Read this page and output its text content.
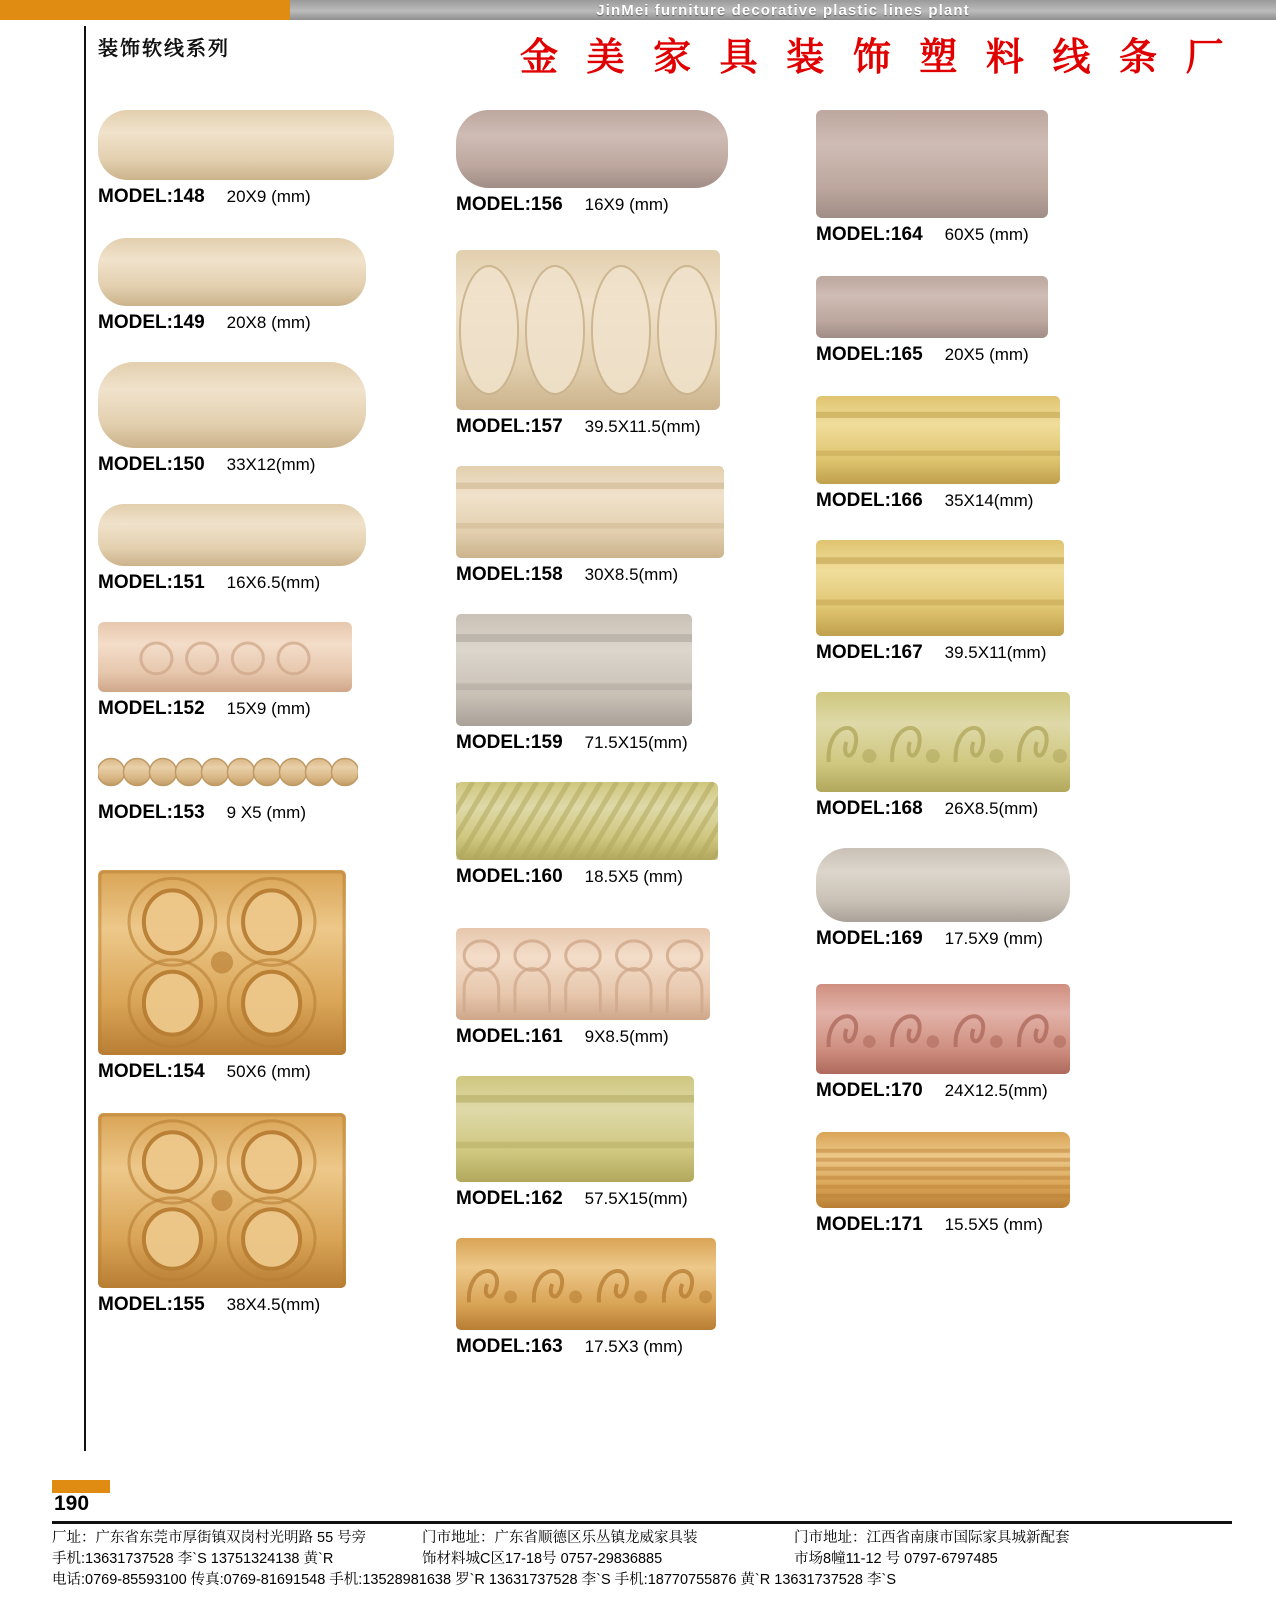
JinMei furniture decorative plastic lines plant
装饰软线系列	金 美 家 具 装 饰 塑 料 线 条 厂
MODEL:148 20X9 (mm)
MODEL:149 20X8 (mm)
MODEL:150 33X12(mm)
MODEL:151 16X6.5(mm)
MODEL:152 15X9 (mm)
MODEL:153 9 X5 (mm)
MODEL:154 50X6 (mm)
MODEL:155 38X4.5(mm)
MODEL:156 16X9 (mm)
MODEL:157 39.5X11.5(mm)
MODEL:158 30X8.5(mm)
MODEL:159 71.5X15(mm)
MODEL:160 18.5X5 (mm)
MODEL:161 9X8.5(mm)
MODEL:162 57.5X15(mm)
MODEL:163 17.5X3 (mm)
MODEL:164 60X5 (mm)
MODEL:165 20X5 (mm)
MODEL:166 35X14(mm)
MODEL:167 39.5X11(mm)
MODEL:168 26X8.5(mm)
MODEL:169 17.5X9 (mm)
MODEL:170 24X12.5(mm)
MODEL:171 15.5X5 (mm)
190
厂址：广东省东莞市厚街镇双岗村光明路 55 号旁	门市地址：广东省顺德区乐丛镇龙威家具装	门市地址：江西省南康市国际家具城新配套
手机:13631737528 李`S 13751324138 黄`R	饰材料城C区17-18号 0757-29836885	市场8幢11-12 号 0797-6797485
电话:0769-85593100 传真:0769-81691548 手机:13528981638 罗`R 13631737528 李`S 手机:18770755876 黄`R 13631737528 李`S
